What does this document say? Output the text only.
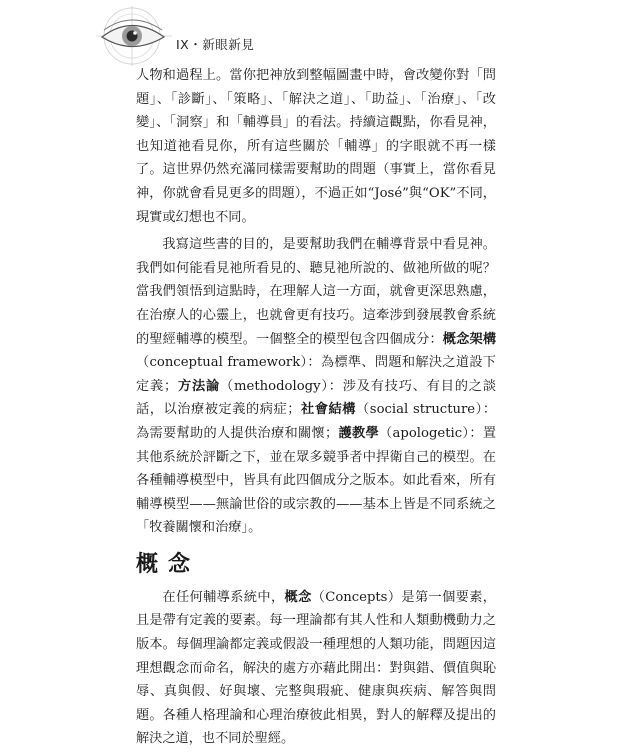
IX・新眼新見

人物和過程上。當你把神放到整幅圖畫中時，會改變你對「問題」、「診斷」、「策略」、「解決之道」、「助益」、「治療」、「改變」、「洞察」和「輔導員」的看法。持續這觀點，你看見神，也知道祂看見你，所有這些關於「輔導」的字眼就不再一樣了。這世界仍然充滿同樣需要幫助的問題（事實上，當你看見神，你就會看見更多的問題），不過正如“José”與“OK”不同，現實或幻想也不同。

我寫這些書的目的，是要幫助我們在輔導背景中看見神。我們如何能看見祂所看見的、聽見祂所說的、做祂所做的呢？當我們領悟到這點時，在理解人這一方面，就會更深思熟慮，在治療人的心靈上，也就會更有技巧。這牽涉到發展教會系統的聖經輔導的模型。一個整全的模型包含四個成分：概念架構（conceptual framework）：為標準、問題和解決之道設下定義；方法論（methodology）：涉及有技巧、有目的之談話，以治療被定義的病症；社會結構（social structure）：為需要幫助的人提供治療和關懷；護教學（apologetic）：置其他系統於評斷之下，並在眾多競爭者中捍衛自己的模型。在各種輔導模型中，皆具有此四個成分之版本。如此看來，所有輔導模型——無論世俗的或宗教的——基本上皆是不同系統之「牧養關懷和治療」。

概念

在任何輔導系統中，概念（Concepts）是第一個要素，且是帶有定義的要素。每一理論都有其人性和人類動機動力之版本。每個理論都定義或假設一種理想的人類功能，問題因這理想觀念而命名，解決的處方亦藉此開出：對與錯、價值與恥辱、真與假、好與壞、完整與瑕疵、健康與疾病、解答與問題。各種人格理論和心理治療彼此相異，對人的解釋及提出的解決之道，也不同於聖經。
